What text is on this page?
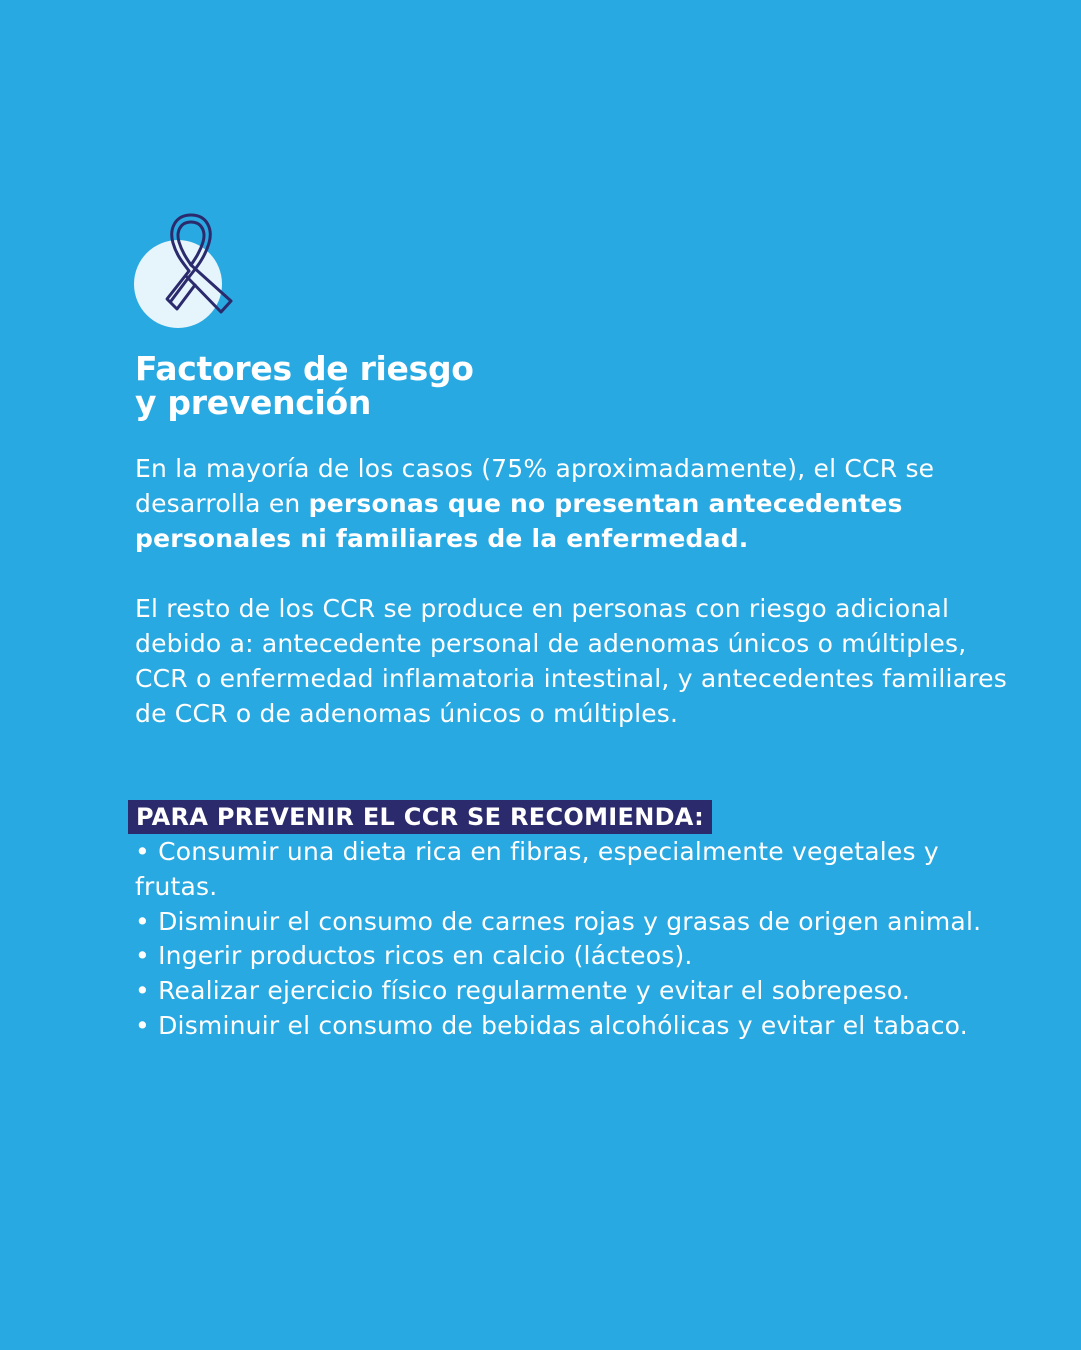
Factores de riesgo
y prevención

En la mayoría de los casos (75% aproximadamente), el CCR se desarrolla en personas que no presentan antecedentes personales ni familiares de la enfermedad.

El resto de los CCR se produce en personas con riesgo adicional debido a: antecedente personal de adenomas únicos o múltiples, CCR o enfermedad inflamatoria intestinal, y antecedentes familiares de CCR o de adenomas únicos o múltiples.

PARA PREVENIR EL CCR SE RECOMIENDA:
• Consumir una dieta rica en fibras, especialmente vegetales y frutas.
• Disminuir el consumo de carnes rojas y grasas de origen animal.
• Ingerir productos ricos en calcio (lácteos).
• Realizar ejercicio físico regularmente y evitar el sobrepeso.
• Disminuir el consumo de bebidas alcohólicas y evitar el tabaco.
